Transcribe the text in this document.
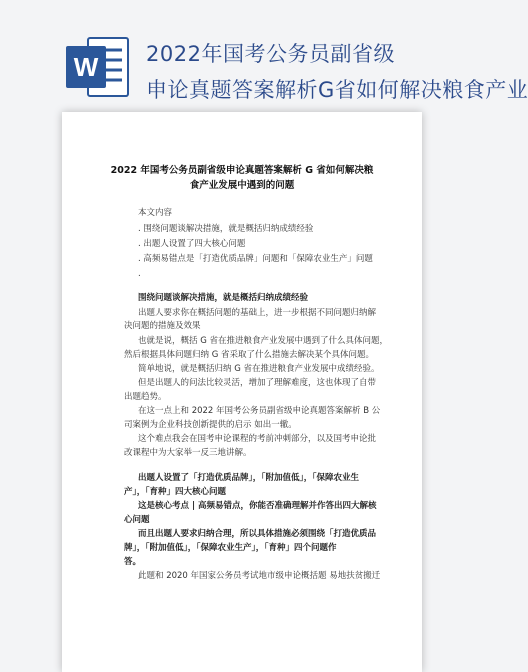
W 2022年国考公务员副省级
申论真题答案解析G省如何解决粮食产业
2022 年国考公务员副省级申论真题答案解析 G 省如何解决粮
食产业发展中遇到的问题
本文内容
. 围绕问题谈解决措施，就是概括归纳成绩经验
. 出题人设置了四大核心问题
. 高频易错点是「打造优质品牌」问题和「保障农业生产」问题
.
围绕问题谈解决措施，就是概括归纳成绩经验
出题人要求你在概括问题的基础上，进一步根据不同问题归纳解
决问题的措施及效果
也就是说，概括 G 省在推进粮食产业发展中遇到了什么具体问题，
然后根据具体问题归纳 G 省采取了什么措施去解决某个具体问题。
简单地说，就是概括归纳 G 省在推进粮食产业发展中成绩经验。
但是出题人的问法比较灵活，增加了理解难度，这也体现了自带
出题趋势。
在这一点上和 2022 年国考公务员副省级申论真题答案解析 B 公
司案例为企业科技创新提供的启示 如出一辙。
这个难点我会在国考申论课程的考前冲刺部分，以及国考申论批
改课程中为大家举一反三地讲解。
出题人设置了「打造优质品牌」，「附加值低」，「保障农业生
产」，「育种」四大核心问题
这是核心考点 | 高频易错点，你能否准确理解并作答出四大解核
心问题
而且出题人要求归纳合理，所以具体措施必须围绕「打造优质品
牌」，「附加值低」，「保障农业生产」，「育种」四个问题作
答。
此题和 2020 年国家公务员考试地市级申论概括题 易地扶贫搬迁
